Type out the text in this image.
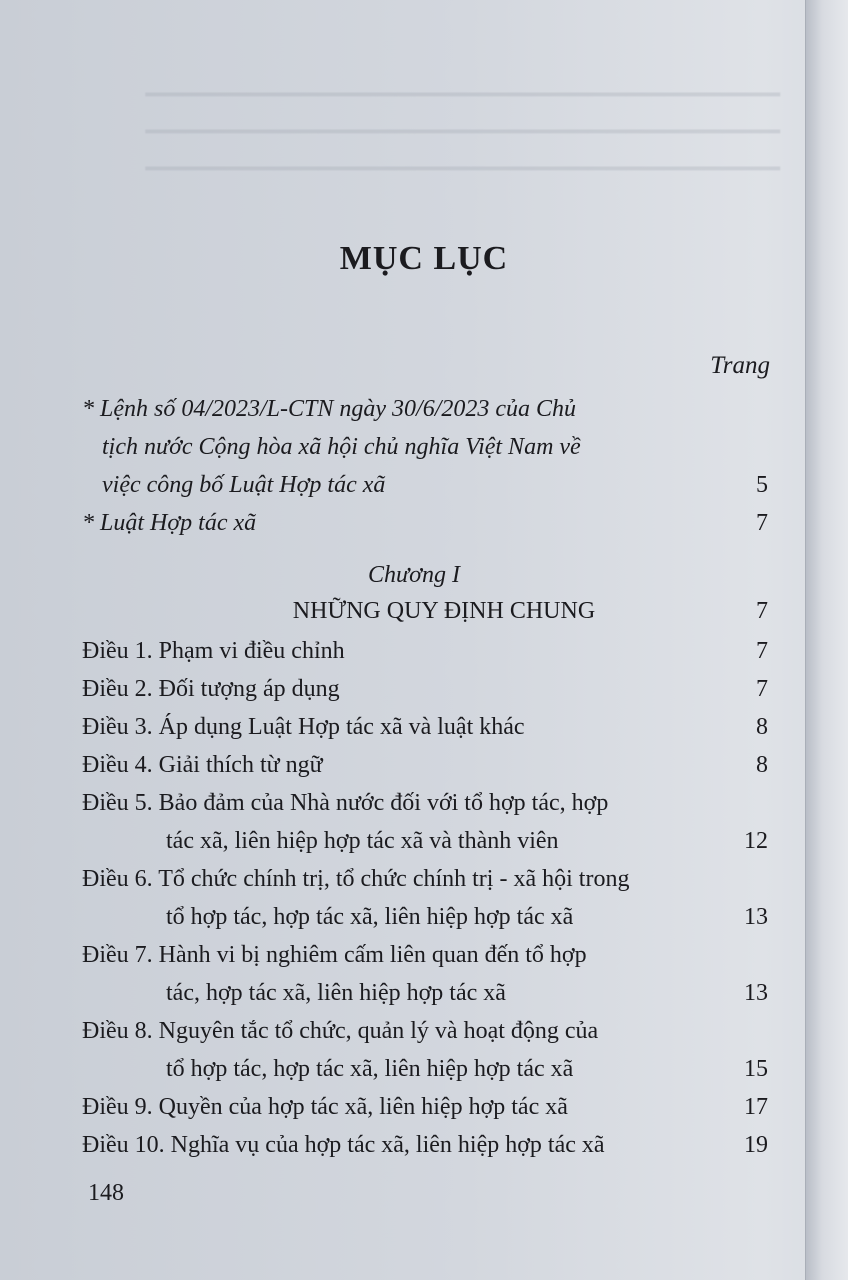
▔▔▔▔▔▔▔▔▔▔▔▔▔▔▔▔▔▔▔▔▔▔▔▔▔▔▔▔▔▔▔▔▔
▔▔▔▔▔▔▔▔▔▔▔▔▔▔▔▔▔▔▔▔▔▔▔▔▔▔▔▔▔▔▔▔▔
▔▔▔▔▔▔▔▔▔▔▔▔▔▔▔▔▔▔▔▔▔▔▔▔▔▔▔▔▔▔▔▔▔
MỤC LỤC
Trang
* Lệnh số 04/2023/L-CTN ngày 30/6/2023 của Chủ
tịch nước Cộng hòa xã hội chủ nghĩa Việt Nam về
việc công bố Luật Hợp tác xã	5
* Luật Hợp tác xã	7
Chương I
NHỮNG QUY ĐỊNH CHUNG	7
Điều 1. Phạm vi điều chỉnh	7
Điều 2. Đối tượng áp dụng	7
Điều 3. Áp dụng Luật Hợp tác xã và luật khác	8
Điều 4. Giải thích từ ngữ	8
Điều 5. Bảo đảm của Nhà nước đối với tổ hợp tác, hợp
tác xã, liên hiệp hợp tác xã và thành viên	12
Điều 6. Tổ chức chính trị, tổ chức chính trị - xã hội trong
tổ hợp tác, hợp tác xã, liên hiệp hợp tác xã	13
Điều 7. Hành vi bị nghiêm cấm liên quan đến tổ hợp
tác, hợp tác xã, liên hiệp hợp tác xã	13
Điều 8. Nguyên tắc tổ chức, quản lý và hoạt động của
tổ hợp tác, hợp tác xã, liên hiệp hợp tác xã	15
Điều 9. Quyền của hợp tác xã, liên hiệp hợp tác xã	17
Điều 10. Nghĩa vụ của hợp tác xã, liên hiệp hợp tác xã	19
148
